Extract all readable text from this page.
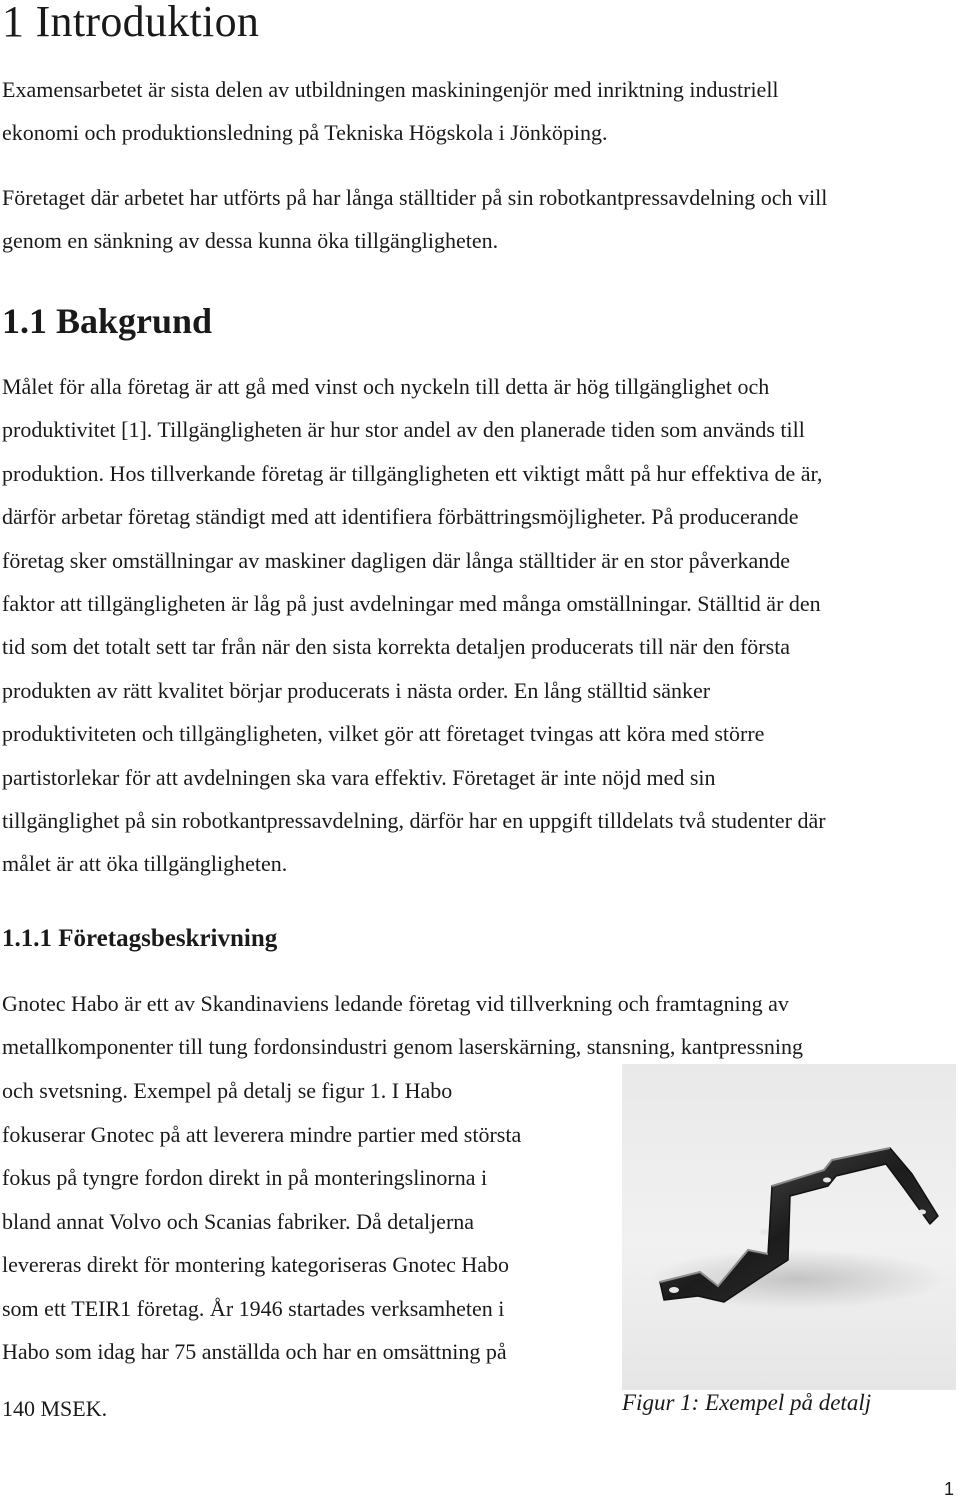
1 Introduktion
Examensarbetet är sista delen av utbildningen maskiningenjör med inriktning industriell
ekonomi och produktionsledning på Tekniska Högskola i Jönköping.
Företaget där arbetet har utförts på har långa ställtider på sin robotkantpressavdelning och vill
genom en sänkning av dessa kunna öka tillgängligheten.
1.1 Bakgrund
Målet för alla företag är att gå med vinst och nyckeln till detta är hög tillgänglighet och
produktivitet [1]. Tillgängligheten är hur stor andel av den planerade tiden som används till
produktion. Hos tillverkande företag är tillgängligheten ett viktigt mått på hur effektiva de är,
därför arbetar företag ständigt med att identifiera förbättringsmöjligheter. På producerande
företag sker omställningar av maskiner dagligen där långa ställtider är en stor påverkande
faktor att tillgängligheten är låg på just avdelningar med många omställningar. Ställtid är den
tid som det totalt sett tar från när den sista korrekta detaljen producerats till när den första
produkten av rätt kvalitet börjar producerats i nästa order. En lång ställtid sänker
produktiviteten och tillgängligheten, vilket gör att företaget tvingas att köra med större
partistorlekar för att avdelningen ska vara effektiv. Företaget är inte nöjd med sin
tillgänglighet på sin robotkantpressavdelning, därför har en uppgift tilldelats två studenter där
målet är att öka tillgängligheten.
1.1.1 Företagsbeskrivning
Gnotec Habo är ett av Skandinaviens ledande företag vid tillverkning och framtagning av
metallkomponenter till tung fordonsindustri genom laserskärning, stansning, kantpressning
och svetsning. Exempel på detalj se figur 1. I Habo
fokuserar Gnotec på att leverera mindre partier med största
fokus på tyngre fordon direkt in på monteringslinorna i
bland annat Volvo och Scanias fabriker. Då detaljerna
levereras direkt för montering kategoriseras Gnotec Habo
som ett TEIR1 företag. År 1946 startades verksamheten i
Habo som idag har 75 anställda och har en omsättning på
140 MSEK.	Figur 1: Exempel på detalj
1
